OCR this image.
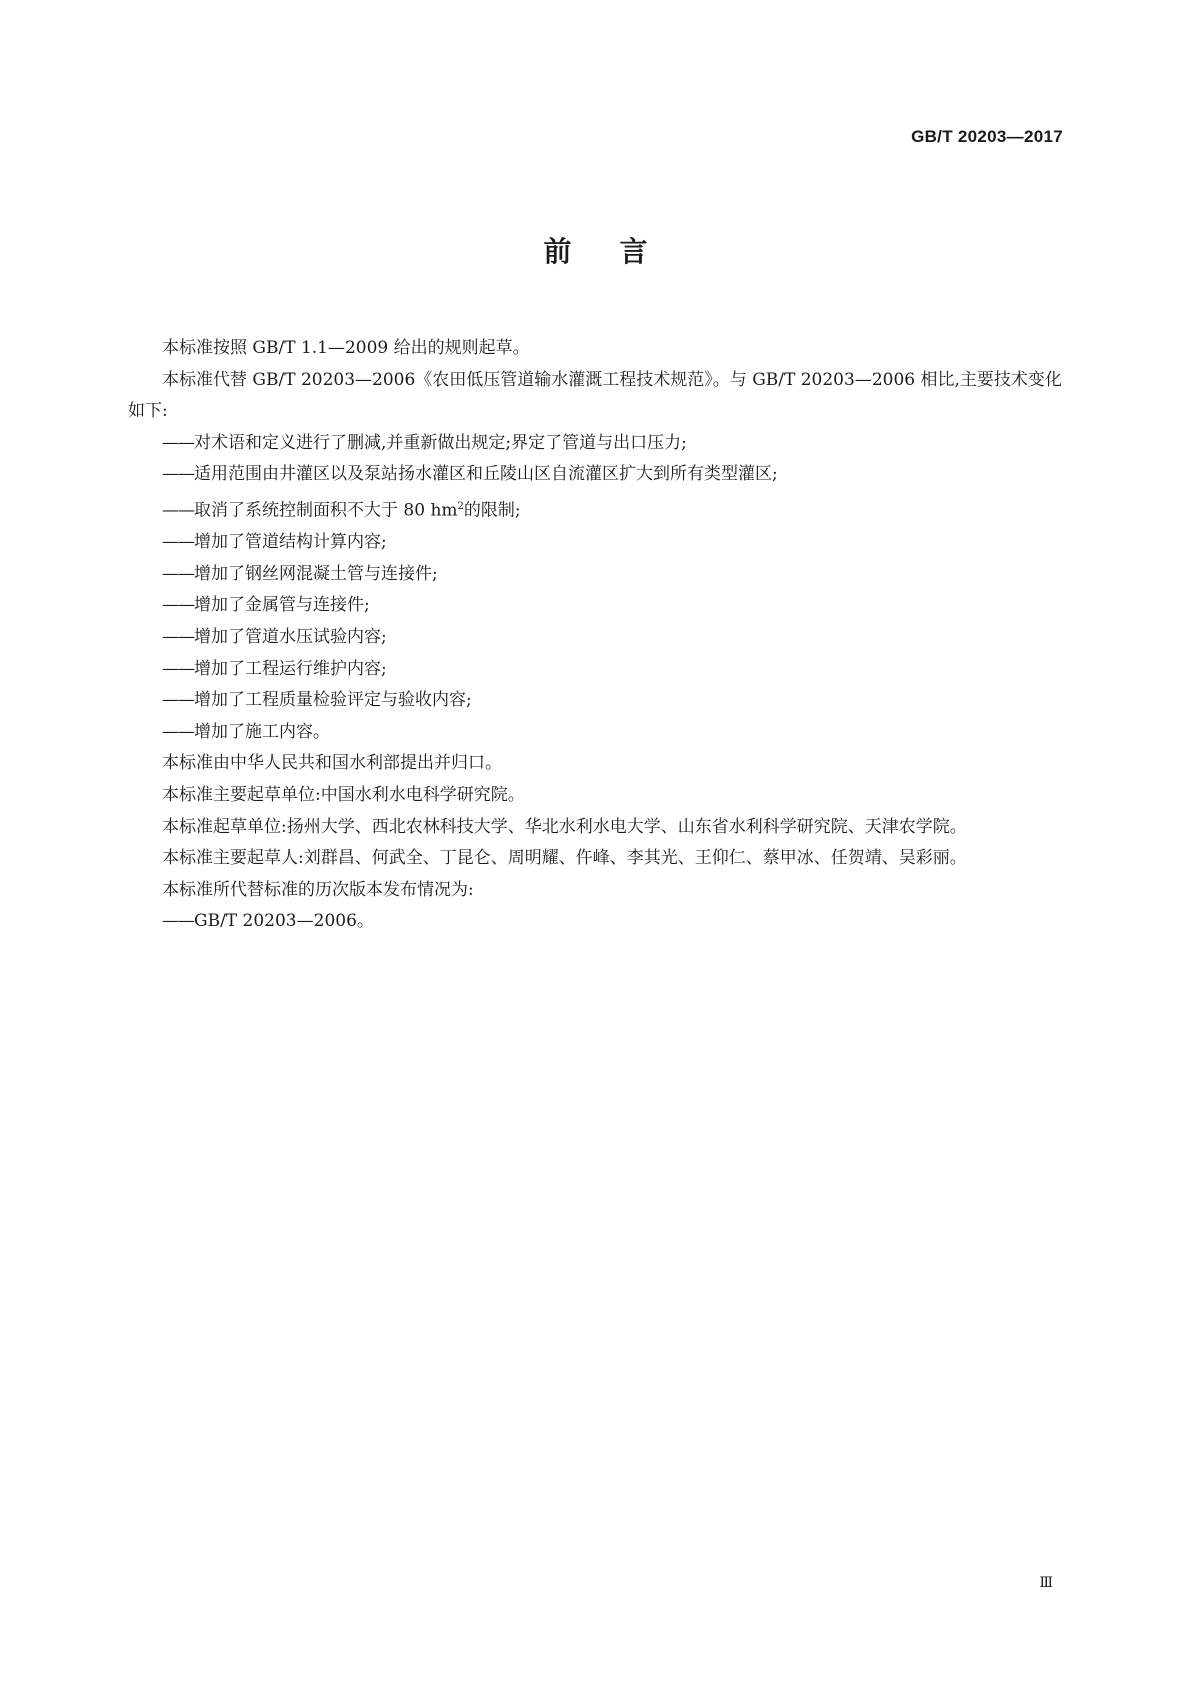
GB/T 20203—2017
前言

本标准按照 GB/T 1.1—2009 给出的规则起草。

本标准代替 GB/T 20203—2006《农田低压管道输水灌溉工程技术规范》。与 GB/T 20203—2006 相比,主要技术变化如下:

——对术语和定义进行了删减,并重新做出规定;界定了管道与出口压力;

——适用范围由井灌区以及泵站扬水灌区和丘陵山区自流灌区扩大到所有类型灌区;

——取消了系统控制面积不大于 80 $hm^2$的限制;

——增加了管道结构计算内容;

——增加了钢丝网混凝土管与连接件;

——增加了金属管与连接件;

——增加了管道水压试验内容;

——增加了工程运行维护内容;

——增加了工程质量检验评定与验收内容;

——增加了施工内容。

本标准由中华人民共和国水利部提出并归口。

本标准主要起草单位:中国水利水电科学研究院。

本标准起草单位:扬州大学、西北农林科技大学、华北水利水电大学、山东省水利科学研究院、天津农学院。

本标准主要起草人:刘群昌、何武全、丁昆仑、周明耀、仵峰、李其光、王仰仁、蔡甲冰、任贺靖、吴彩丽。

本标准所代替标准的历次版本发布情况为:

——GB/T 20203—2006。

Ⅲ
